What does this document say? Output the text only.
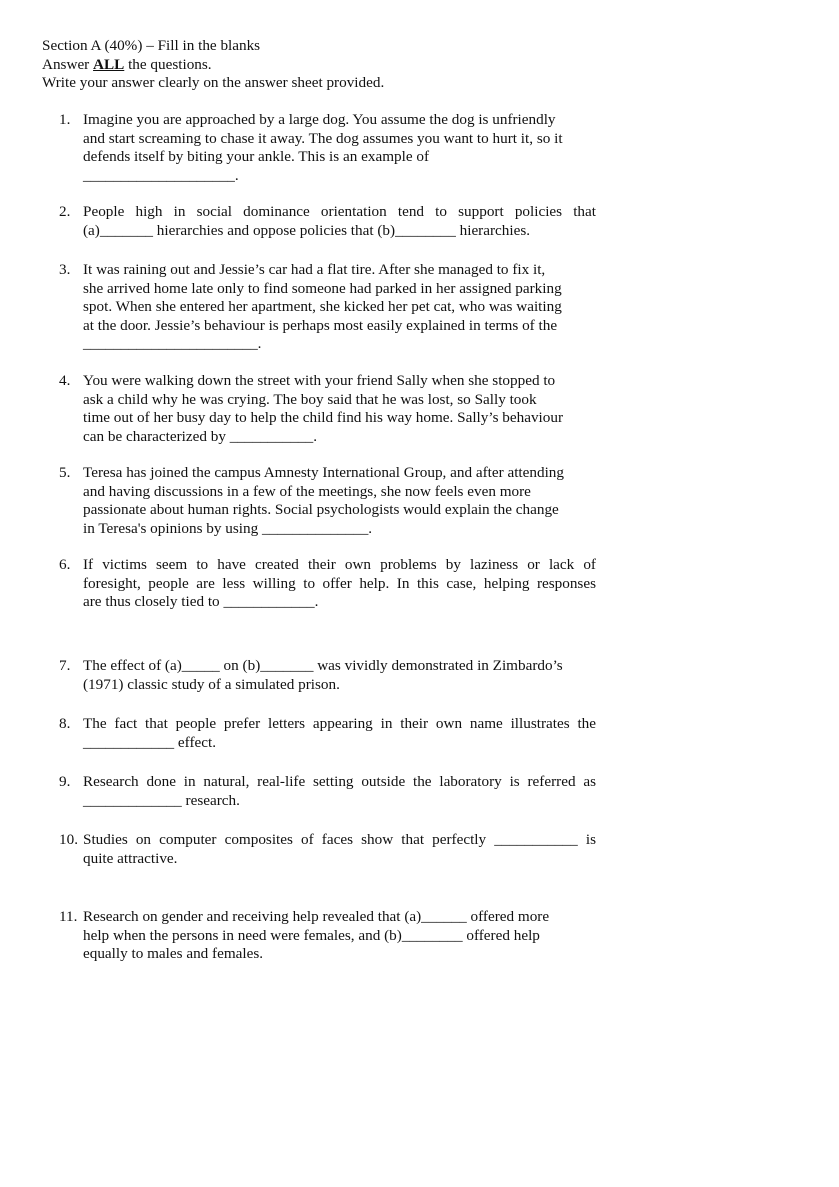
Section A (40%) – Fill in the blanks
Answer ALL the questions.
Write your answer clearly on the answer sheet provided.
1. Imagine you are approached by a large dog. You assume the dog is unfriendly
and start screaming to chase it away. The dog assumes you want to hurt it, so it
defends itself by biting your ankle. This is an example of
____________________.
2. People high in social dominance orientation tend to support policies that
(a)_______ hierarchies and oppose policies that (b)________ hierarchies.
3. It was raining out and Jessie’s car had a flat tire. After she managed to fix it,
she arrived home late only to find someone had parked in her assigned parking
spot. When she entered her apartment, she kicked her pet cat, who was waiting
at the door. Jessie’s behaviour is perhaps most easily explained in terms of the
_______________________.
4. You were walking down the street with your friend Sally when she stopped to
ask a child why he was crying. The boy said that he was lost, so Sally took
time out of her busy day to help the child find his way home. Sally’s behaviour
can be characterized by ___________.
5. Teresa has joined the campus Amnesty International Group, and after attending
and having discussions in a few of the meetings, she now feels even more
passionate about human rights. Social psychologists would explain the change
in Teresa's opinions by using ______________.
6. If victims seem to have created their own problems by laziness or lack of
foresight, people are less willing to offer help. In this case, helping responses
are thus closely tied to ____________.
7. The effect of (a)_____ on (b)_______ was vividly demonstrated in Zimbardo’s
(1971) classic study of a simulated prison.
8. The fact that people prefer letters appearing in their own name illustrates the
____________ effect.
9. Research done in natural, real-life setting outside the laboratory is referred as
_____________ research.
10. Studies on computer composites of faces show that perfectly ___________ is
quite attractive.
11. Research on gender and receiving help revealed that (a)______ offered more
help when the persons in need were females, and (b)________ offered help
equally to males and females.
